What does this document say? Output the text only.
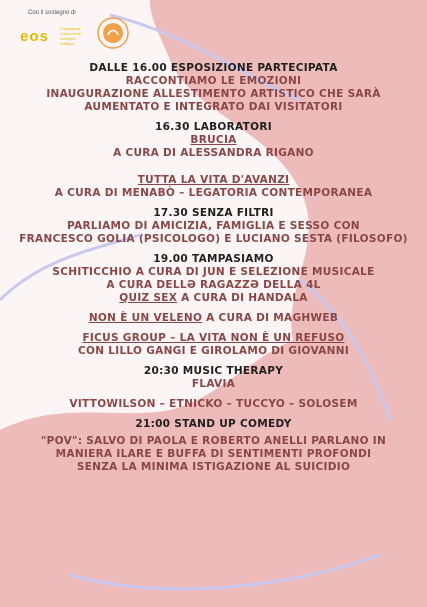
Con il sostegno di
eos	Fondazione Cultura Arte Sviluppo Welfare
DALLE 16.00 ESPOSIZIONE PARTECIPATA
RACCONTIAMO LE EMOZIONI
INAUGURAZIONE ALLESTIMENTO ARTISTICO CHE SARÀ
AUMENTATO E INTEGRATO DAI VISITATORI
16.30 LABORATORI
BRUCIA
A CURA DI ALESSANDRA RIGANO
TUTTA LA VITA D'AVANZI
A CURA DI MENABÒ – LEGATORIA CONTEMPORANEA
17.30 SENZA FILTRI
PARLIAMO DI AMICIZIA, FAMIGLIA E SESSO CON
FRANCESCO GOLIA (PSICOLOGO) E LUCIANO SESTA (FILOSOFO)
19.00 TAMPASIAMO
SCHITICCHIO A CURA DI JUN E SELEZIONE MUSICALE
A CURA DELLƏ RAGAZZƏ DELLA 4L
QUIZ SEX A CURA DI HANDALA
NON È UN VELENO A CURA DI MAGHWEB
FICUS GROUP – LA VITA NON È UN REFUSO
CON LILLO GANGI E GIROLAMO DI GIOVANNI
20:30 MUSIC THERAPY
FLAVIA
VITTOWILSON – ETNICKO – TUCCYO – SOLOSEM
21:00 STAND UP COMEDY
"POV": SALVO DI PAOLA E ROBERTO ANELLI PARLANO IN
MANIERA ILARE E BUFFA DI SENTIMENTI PROFONDI
SENZA LA MINIMA ISTIGAZIONE AL SUICIDIO
